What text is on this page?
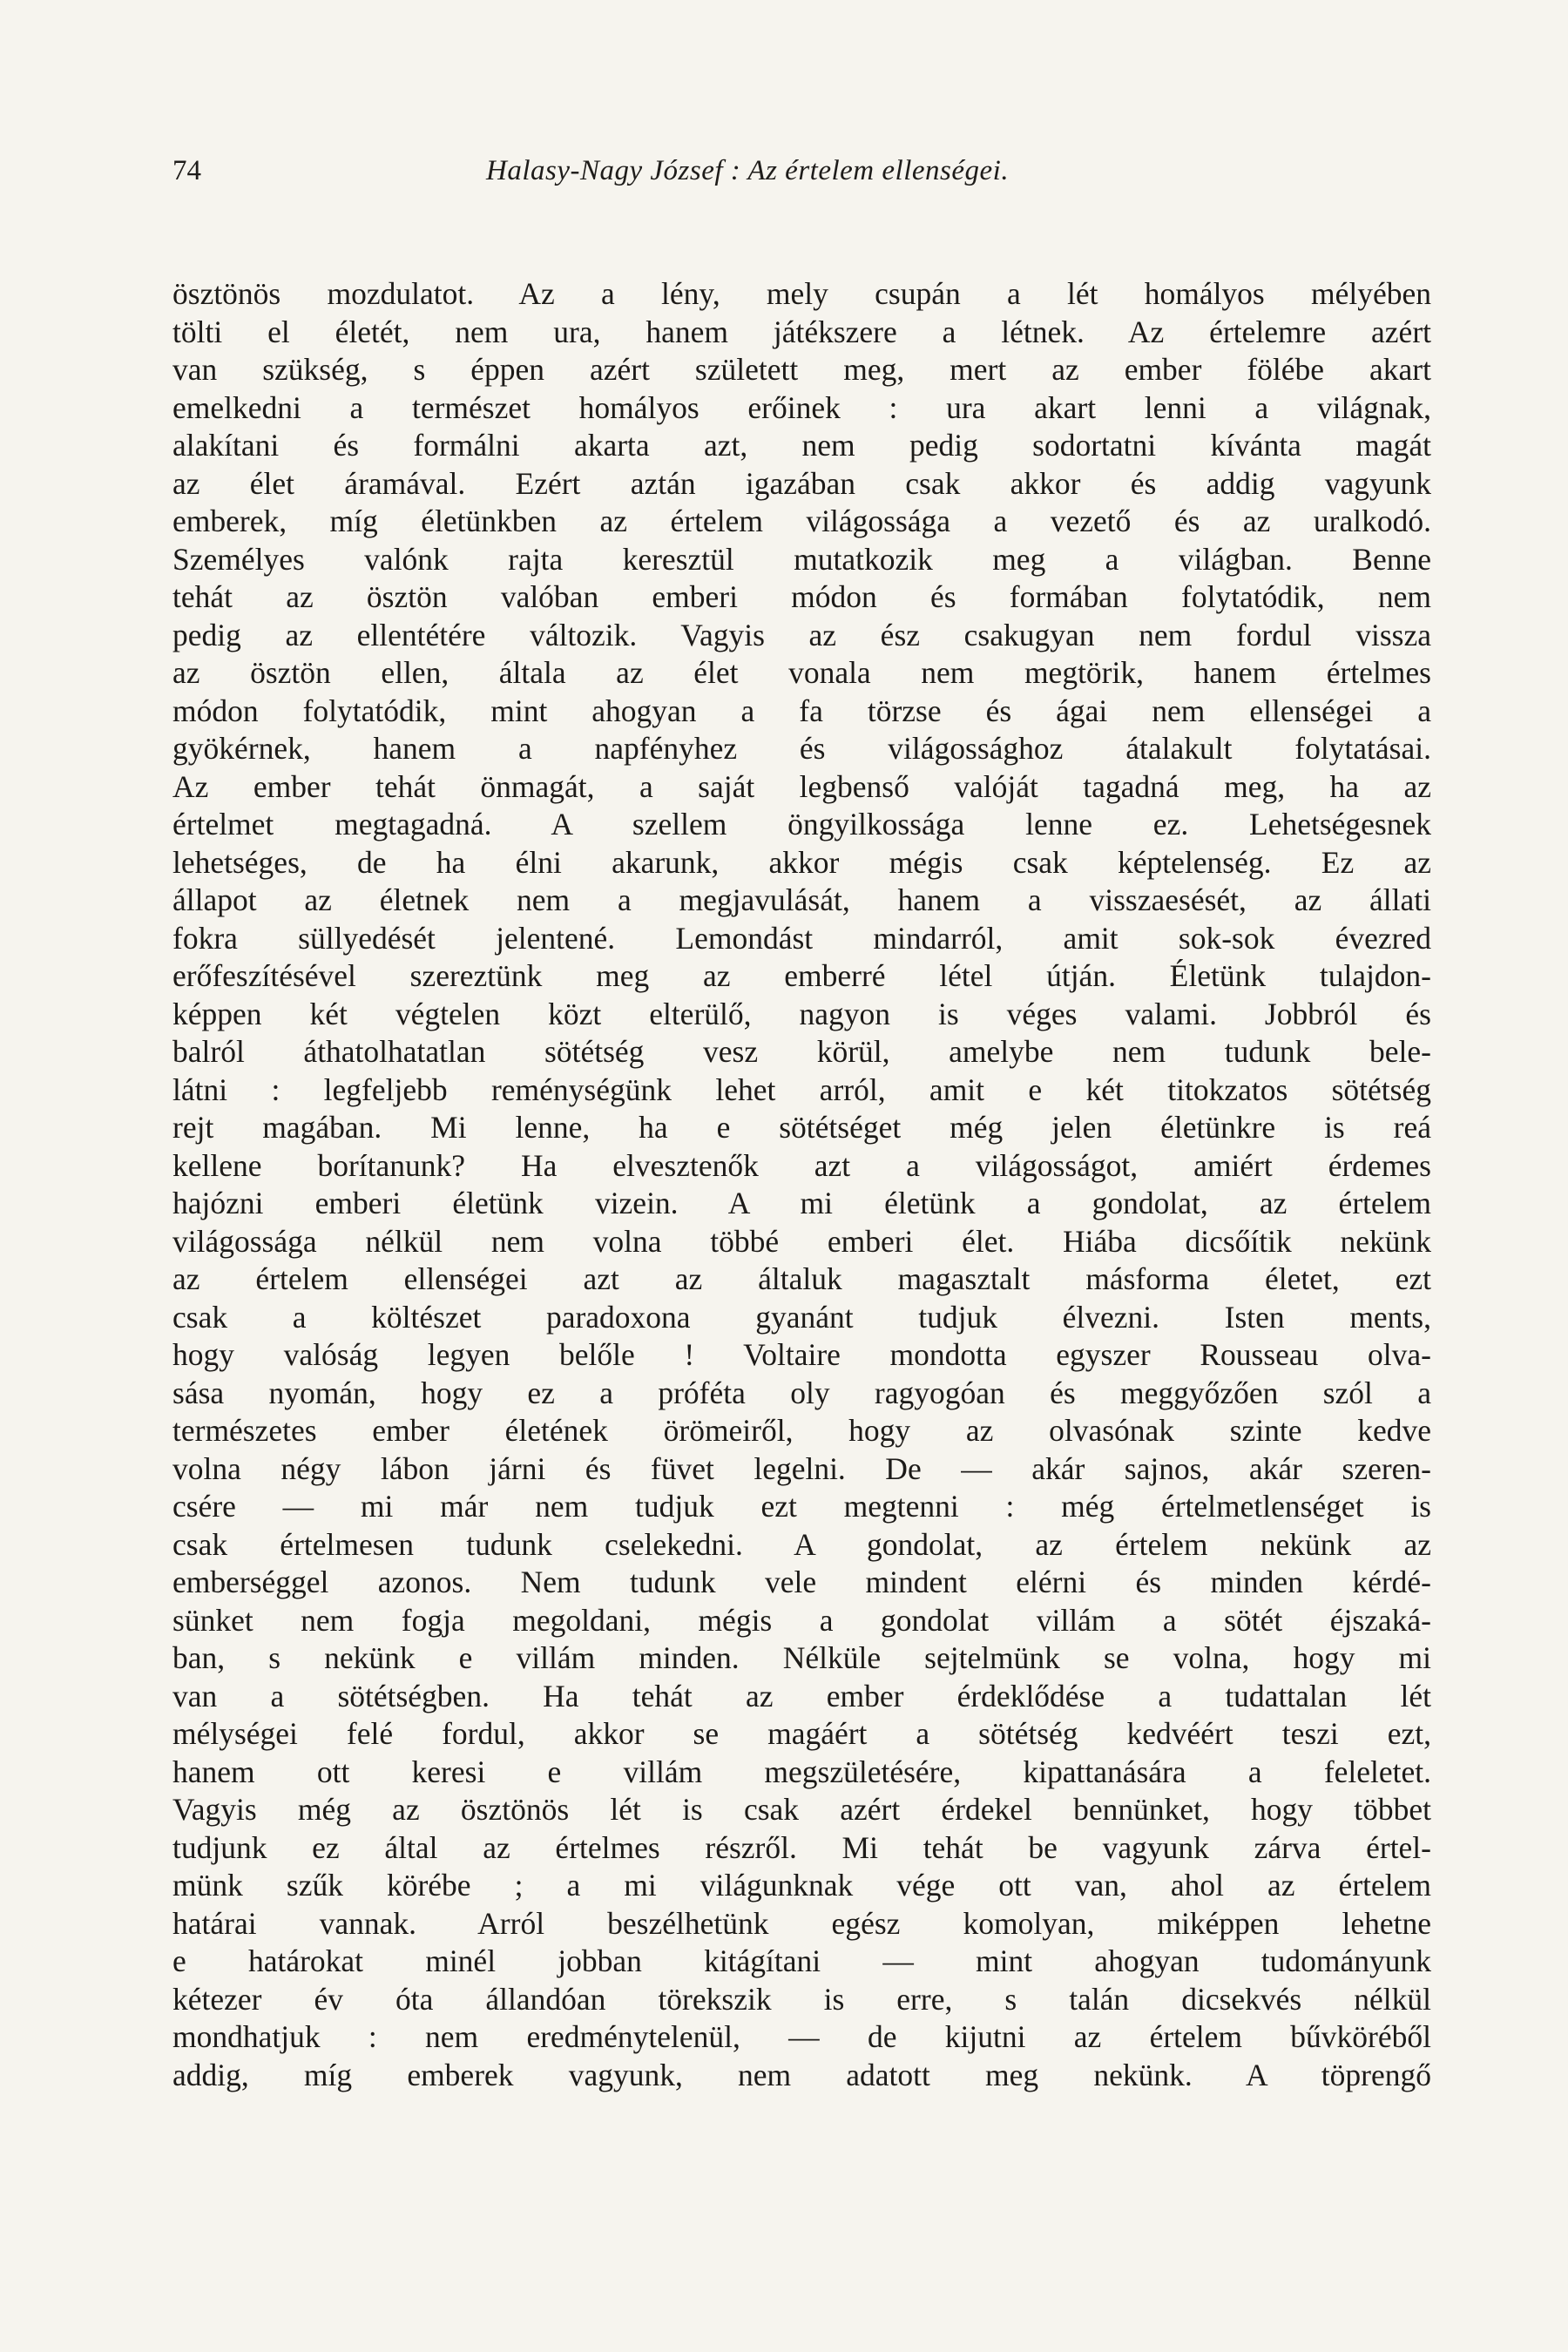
74	Halasy-Nagy József : Az értelem ellenségei.
ösztönös mozdulatot. Az a lény, mely csupán a lét homályos mélyében
tölti el életét, nem ura, hanem játékszere a létnek. Az értelemre azért
van szükség, s éppen azért született meg, mert az ember fölébe akart
emelkedni a természet homályos erőinek : ura akart lenni a világnak,
alakítani és formálni akarta azt, nem pedig sodortatni kívánta magát
az élet áramával. Ezért aztán igazában csak akkor és addig vagyunk
emberek, míg életünkben az értelem világossága a vezető és az uralkodó.
Személyes valónk rajta keresztül mutatkozik meg a világban. Benne
tehát az ösztön valóban emberi módon és formában folytatódik, nem
pedig az ellentétére változik. Vagyis az ész csakugyan nem fordul vissza
az ösztön ellen, általa az élet vonala nem megtörik, hanem értelmes
módon folytatódik, mint ahogyan a fa törzse és ágai nem ellenségei a
gyökérnek, hanem a napfényhez és világossághoz átalakult folytatásai.
Az ember tehát önmagát, a saját legbenső valóját tagadná meg, ha az
értelmet megtagadná. A szellem öngyilkossága lenne ez. Lehetségesnek
lehetséges, de ha élni akarunk, akkor mégis csak képtelenség. Ez az
állapot az életnek nem a megjavulását, hanem a visszaesését, az állati
fokra süllyedését jelentené. Lemondást mindarról, amit sok-sok évezred
erőfeszítésével szereztünk meg az emberré létel útján. Életünk tulajdon-
képpen két végtelen közt elterülő, nagyon is véges valami. Jobbról és
balról áthatolhatatlan sötétség vesz körül, amelybe nem tudunk bele-
látni : legfeljebb reménységünk lehet arról, amit e két titokzatos sötétség
rejt magában. Mi lenne, ha e sötétséget még jelen életünkre is reá
kellene borítanunk? Ha elvesztenők azt a világosságot, amiért érdemes
hajózni emberi életünk vizein. A mi életünk a gondolat, az értelem
világossága nélkül nem volna többé emberi élet. Hiába dicsőítik nekünk
az értelem ellenségei azt az általuk magasztalt másforma életet, ezt
csak a költészet paradoxona gyanánt tudjuk élvezni. Isten ments,
hogy valóság legyen belőle ! Voltaire mondotta egyszer Rousseau olva-
sása nyomán, hogy ez a próféta oly ragyogóan és meggyőzően szól a
természetes ember életének örömeiről, hogy az olvasónak szinte kedve
volna négy lábon járni és füvet legelni. De — akár sajnos, akár szeren-
csére — mi már nem tudjuk ezt megtenni : még értelmetlenséget is
csak értelmesen tudunk cselekedni. A gondolat, az értelem nekünk az
emberséggel azonos. Nem tudunk vele mindent elérni és minden kérdé-
sünket nem fogja megoldani, mégis a gondolat villám a sötét éjszaká-
ban, s nekünk e villám minden. Nélküle sejtelmünk se volna, hogy mi
van a sötétségben. Ha tehát az ember érdeklődése a tudattalan lét
mélységei felé fordul, akkor se magáért a sötétség kedvéért teszi ezt,
hanem ott keresi e villám megszületésére, kipattanására a feleletet.
Vagyis még az ösztönös lét is csak azért érdekel bennünket, hogy többet
tudjunk ez által az értelmes részről. Mi tehát be vagyunk zárva értel-
münk szűk körébe ; a mi világunknak vége ott van, ahol az értelem
határai vannak. Arról beszélhetünk egész komolyan, miképpen lehetne
e határokat minél jobban kitágítani — mint ahogyan tudományunk
kétezer év óta állandóan törekszik is erre, s talán dicsekvés nélkül
mondhatjuk : nem eredménytelenül, — de kijutni az értelem bűvköréből
addig, míg emberek vagyunk, nem adatott meg nekünk. A töprengő
